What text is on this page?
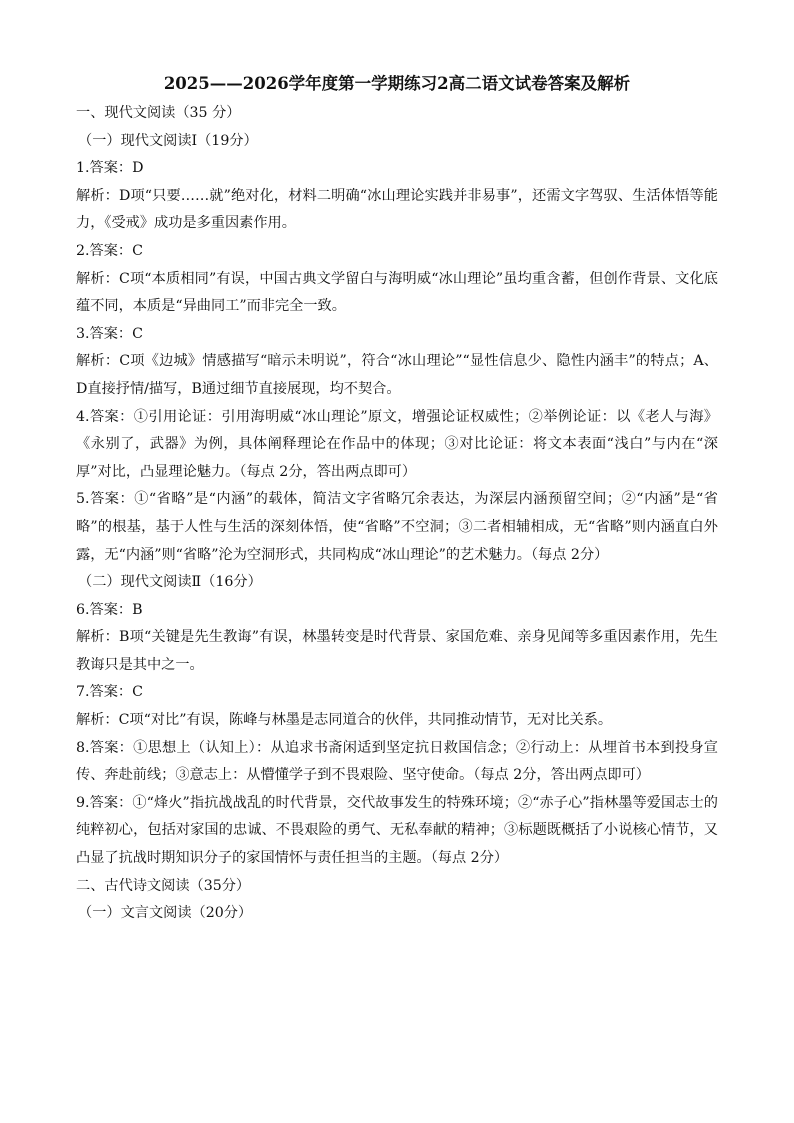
2025——2026学年度第一学期练习2高二语文试卷答案及解析
一、现代文阅读（35 分）
（一）现代文阅读Ⅰ（19分）
1.答案：D
解析：D项“只要……就”绝对化，材料二明确“冰山理论实践并非易事”，还需文字驾驭、生活体悟等能力，《受戒》成功是多重因素作用。
2.答案：C
解析：C项“本质相同”有误，中国古典文学留白与海明威“冰山理论”虽均重含蓄，但创作背景、文化底蕴不同，本质是“异曲同工”而非完全一致。
3.答案：C
解析：C项《边城》情感描写“暗示未明说”，符合“冰山理论”“显性信息少、隐性内涵丰”的特点；A、D直接抒情/描写，B通过细节直接展现，均不契合。
4.答案：①引用论证：引用海明威“冰山理论”原文，增强论证权威性；②举例论证：以《老人与海》《永别了，武器》为例，具体阐释理论在作品中的体现；③对比论证：将文本表面“浅白”与内在“深厚”对比，凸显理论魅力。（每点 2分，答出两点即可）
5.答案：①“省略”是“内涵”的载体，简洁文字省略冗余表达，为深层内涵预留空间；②“内涵”是“省略”的根基，基于人性与生活的深刻体悟，使“省略”不空洞；③二者相辅相成，无“省略”则内涵直白外露，无“内涵”则“省略”沦为空洞形式，共同构成“冰山理论”的艺术魅力。（每点 2分）
（二）现代文阅读Ⅱ（16分）
6.答案：B
解析：B项“关键是先生教诲”有误，林墨转变是时代背景、家国危难、亲身见闻等多重因素作用，先生教诲只是其中之一。
7.答案：C
解析：C项“对比”有误，陈峰与林墨是志同道合的伙伴，共同推动情节，无对比关系。
8.答案：①思想上（认知上）：从追求书斋闲适到坚定抗日救国信念；②行动上：从埋首书本到投身宣传、奔赴前线；③意志上：从懵懂学子到不畏艰险、坚守使命。（每点 2分，答出两点即可）
9.答案：①“烽火”指抗战战乱的时代背景，交代故事发生的特殊环境；②“赤子心”指林墨等爱国志士的纯粹初心，包括对家国的忠诚、不畏艰险的勇气、无私奉献的精神；③标题既概括了小说核心情节，又凸显了抗战时期知识分子的家国情怀与责任担当的主题。（每点 2分）
二、古代诗文阅读（35分）
（一）文言文阅读（20分）
